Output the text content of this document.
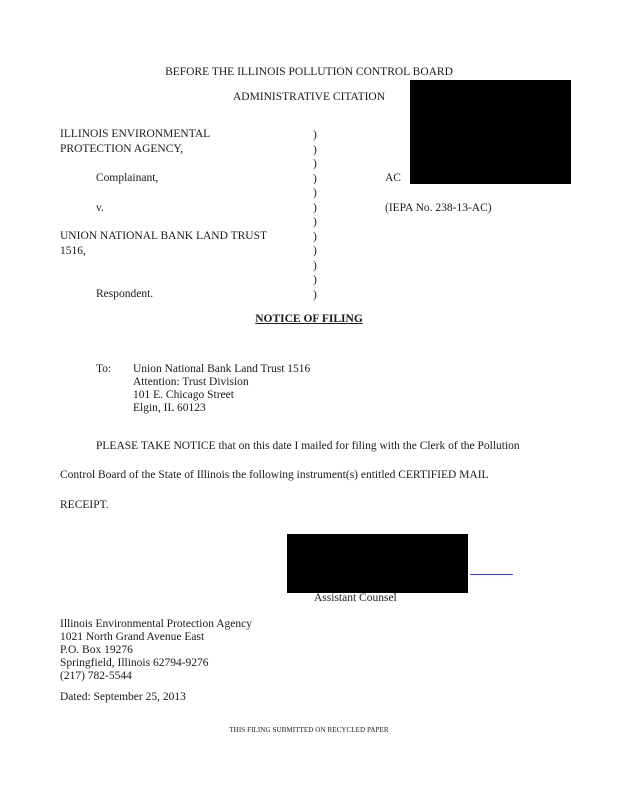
BEFORE THE ILLINOIS POLLUTION CONTROL BOARD
ADMINISTRATIVE CITATION
ILLINOIS ENVIRONMENTAL
PROTECTION AGENCY,
Complainant,
v.
UNION NATIONAL BANK LAND TRUST
1516,
Respondent.
)
)
)
)
)
)
)
)
)
)
)
)
AC
(IEPA No. 238-13-AC)
NOTICE OF FILING
To: Union National Bank Land Trust 1516
Attention: Trust Division
101 E. Chicago Street
Elgin, IL 60123
PLEASE TAKE NOTICE that on this date I mailed for filing with the Clerk of the Pollution
Control Board of the State of Illinois the following instrument(s) entitled CERTIFIED MAIL
RECEIPT.
Assistant Counsel
Illinois Environmental Protection Agency
1021 North Grand Avenue East
P.O. Box 19276
Springfield, Illinois 62794-9276
(217) 782-5544
Dated: September 25, 2013
THIS FILING SUBMITTED ON RECYCLED PAPER
